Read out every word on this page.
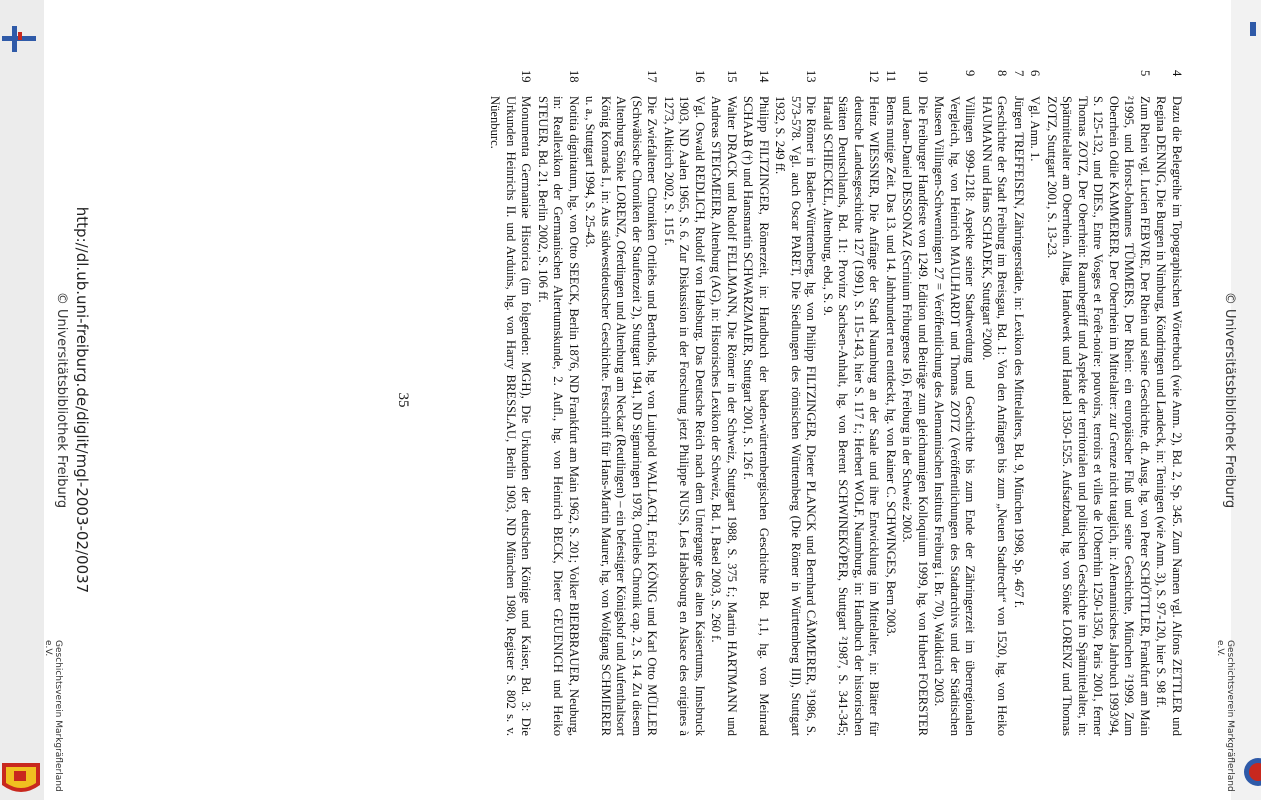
© Universitätsbibliothek Freiburg
Geschichtsverein Markgräflerland e.V.
4
Dazu die Belegreihe im Topographischen Wörterbuch (wie Anm. 2), Bd. 2, Sp. 345. Zum Namen vgl. Alfons ZETTLER und Regina DENNIG, Die Burgen in Nimburg, Köndringen und Landeck, in: Teningen (wie Anm. 3), S. 97-120, hier S. 98 ff.
5
Zum Rhein vgl. Lucien FEBVRE, Der Rhein und seine Geschichte, dt. Ausg. hg. von Peter SCHÖTTLER, Frankfurt am Main ²1995, und Horst-Johannes TÜMMERS, Der Rhein: ein europäischer Fluß und seine Geschichte, München ²1999. Zum Oberrhein Odile KAMMERER, Der Oberrhein im Mittelalter: zur Grenze nicht tauglich, in: Alemannisches Jahrbuch 1993/94, S. 125-132, und DIES., Entre Vosges et Forêt-noire: pouvoirs, terroirs et villes de l'Oberrhin 1250-1350, Paris 2001, ferner Thomas ZOTZ, Der Oberrhein: Raumbegriff und Aspekte der territorialen und politischen Geschichte im Spätmittelalter, in: Spätmittelalter am Oberrhein. Alltag, Handwerk und Handel 1350-1525. Aufsatzband, hg. von Sönke LORENZ und Thomas ZOTZ, Stuttgart 2001, S. 13-23.
6
Vgl. Anm. 1.
7
Jürgen TREFFEISEN, Zähringerstädte, in: Lexikon des Mittelalters, Bd. 9, München 1998, Sp. 467 f.
8
Geschichte der Stadt Freiburg im Breisgau, Bd. 1: Von den Anfängen bis zum „Neuen Stadtrecht“ von 1520, hg. von Heiko HAUMANN und Hans SCHADEK, Stuttgart ²2000.
9
Villingen 999-1218: Aspekte seiner Stadtwerdung und Geschichte bis zum Ende der Zähringerzeit im überregionalen Vergleich, hg. von Heinrich MAULHARDT und Thomas ZOTZ (Veröffentlichungen des Stadtarchivs und der Städtischen Museen Villingen-Schwenningen 27 = Veröffentlichung des Alemannischen Instituts Freiburg i. Br. 70), Waldkirch 2003.
10
Die Freiburger Handfeste von 1249. Edition und Beiträge zum gleichnamigen Kolloquium 1999, hg. von Hubert FOERSTER und Jean-Daniel DESSONAZ (Scrinium Friburgense 16), Freiburg in der Schweiz 2003.
11
Berns mutige Zeit. Das 13. und 14. Jahrhundert neu entdeckt, hg. von Rainer C. SCHWINGES, Bern 2003.
12
Heinz WIESSNER, Die Anfänge der Stadt Naumburg an der Saale und ihre Entwicklung im Mittelalter, in: Blätter für deutsche Landesgeschichte 127 (1991), S. 115-143, hier S. 117 f.; Herbert WOLF, Naumburg, in: Handbuch der historischen Stätten Deutschlands, Bd. 11: Provinz Sachsen-Anhalt, hg. von Berent SCHWINEKÖPER, Stuttgart ²1987, S. 341-345; Harald SCHIECKEL, Altenburg, ebd., S. 9.
13
Die Römer in Baden-Württemberg, hg. von Philipp FILTZINGER, Dieter PLANCK und Bernhard CÄMMERER, ³1986, S. 573-578. Vgl. auch Oscar PARET, Die Siedlungen des römischen Württemberg (Die Römer in Württemberg III), Stuttgart 1932, S. 249 ff.
14
Philipp FILTZINGER, Römerzeit, in: Handbuch der baden-württembergischen Geschichte Bd. 1,1, hg. von Meinrad SCHAAB (†) und Hansmartin SCHWARZMAIER, Stuttgart 2001, S. 126 f.
15
Walter DRACK und Rudolf FELLMANN, Die Römer in der Schweiz, Stuttgart 1988, S. 375 f.; Martin HARTMANN und Andreas STEIGMEIER, Altenburg (AG), in: Historisches Lexikon der Schweiz, Bd. 1, Basel 2003, S. 260 f.
16
Vgl. Oswald REDLICH, Rudolf von Habsburg. Das Deutsche Reich nach dem Untergange des alten Kaisertums, Innsbruck 1903, ND Aalen 1965, S. 6. Zur Diskussion in der Forschung jetzt Philippe NUSS, Les Habsbourg en Alsace des origines à 1273, Altkirch 2002, S. 115 f.
17
Die Zwiefaltener Chroniken Ortliebs und Bertholds, hg. von Luitpold WALLACH, Erich KÖNIG und Karl Otto MÜLLER (Schwäbische Chroniken der Staufenzeit 2), Stuttgart 1941, ND Sigmaringen 1978, Ortliebs Chronik cap. 2, S. 14. Zu diesem Altenburg Sönke LORENZ, Oferdingen und Altenburg am Neckar (Reutlingen) – ein befestigter Königshof und Aufenthaltsort König Konrads I., in: Aus südwestdeutscher Geschichte. Festschrift für Hans-Martin Maurer, hg. von Wolfgang SCHMIERER u. a., Stuttgart 1994, S. 25-43.
18
Notitia dignitatum, hg. von Otto SEECK, Berlin 1876, ND Frankfurt am Main 1962, S. 201; Volker BIERBRAUER, Neuburg, in: Reallexikon der Germanischen Altertumskunde, 2. Aufl., hg. von Heinrich BECK, Dieter GEUENICH und Heiko STEUER, Bd. 21, Berlin 2002, S. 106 ff.
19
Monumenta Germaniae Historica (im folgenden: MGH), Die Urkunden der deutschen Könige und Kaiser, Bd. 3: Die Urkunden Heinrichs II. und Arduins, hg. von Harry BRESSLAU, Berlin 1903, ND München 1980, Register S. 802 s. v. Nüenburc.
35
http://dl.ub.uni-freiburg.de/diglit/mgl-2003-02/0037
© Universitätsbibliothek Freiburg
Geschichtsverein Markgräflerland e.V.
